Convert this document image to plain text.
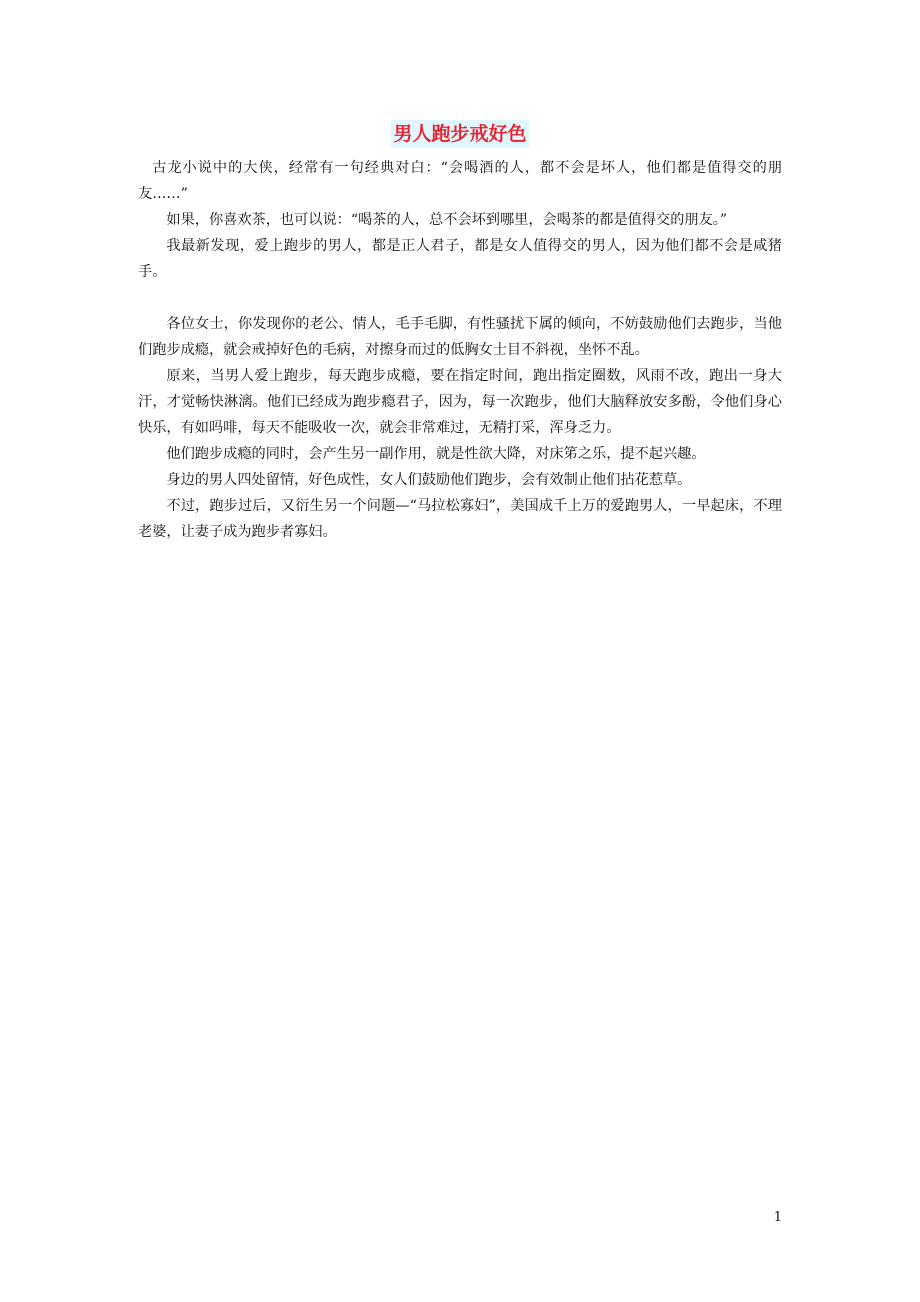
男人跑步戒好色

古龙小说中的大侠，经常有一句经典对白：“会喝酒的人，都不会是坏人，他们都是值得交的朋友……”

如果，你喜欢茶，也可以说：“喝茶的人，总不会坏到哪里，会喝茶的都是值得交的朋友。”

我最新发现，爱上跑步的男人，都是正人君子，都是女人值得交的男人，因为他们都不会是咸猪手。

各位女士，你发现你的老公、情人，毛手毛脚，有性骚扰下属的倾向，不妨鼓励他们去跑步，当他们跑步成瘾，就会戒掉好色的毛病，对擦身而过的低胸女士目不斜视，坐怀不乱。

原来，当男人爱上跑步，每天跑步成瘾，要在指定时间，跑出指定圈数，风雨不改，跑出一身大汗，才觉畅快淋漓。他们已经成为跑步瘾君子，因为，每一次跑步，他们大脑释放安多酚，令他们身心快乐，有如吗啡，每天不能吸收一次，就会非常难过，无精打采，浑身乏力。

他们跑步成瘾的同时，会产生另一副作用，就是性欲大降，对床笫之乐，提不起兴趣。

身边的男人四处留情，好色成性，女人们鼓励他们跑步，会有效制止他们拈花惹草。

不过，跑步过后，又衍生另一个问题—“马拉松寡妇”，美国成千上万的爱跑男人，一早起床，不理老婆，让妻子成为跑步者寡妇。

1
